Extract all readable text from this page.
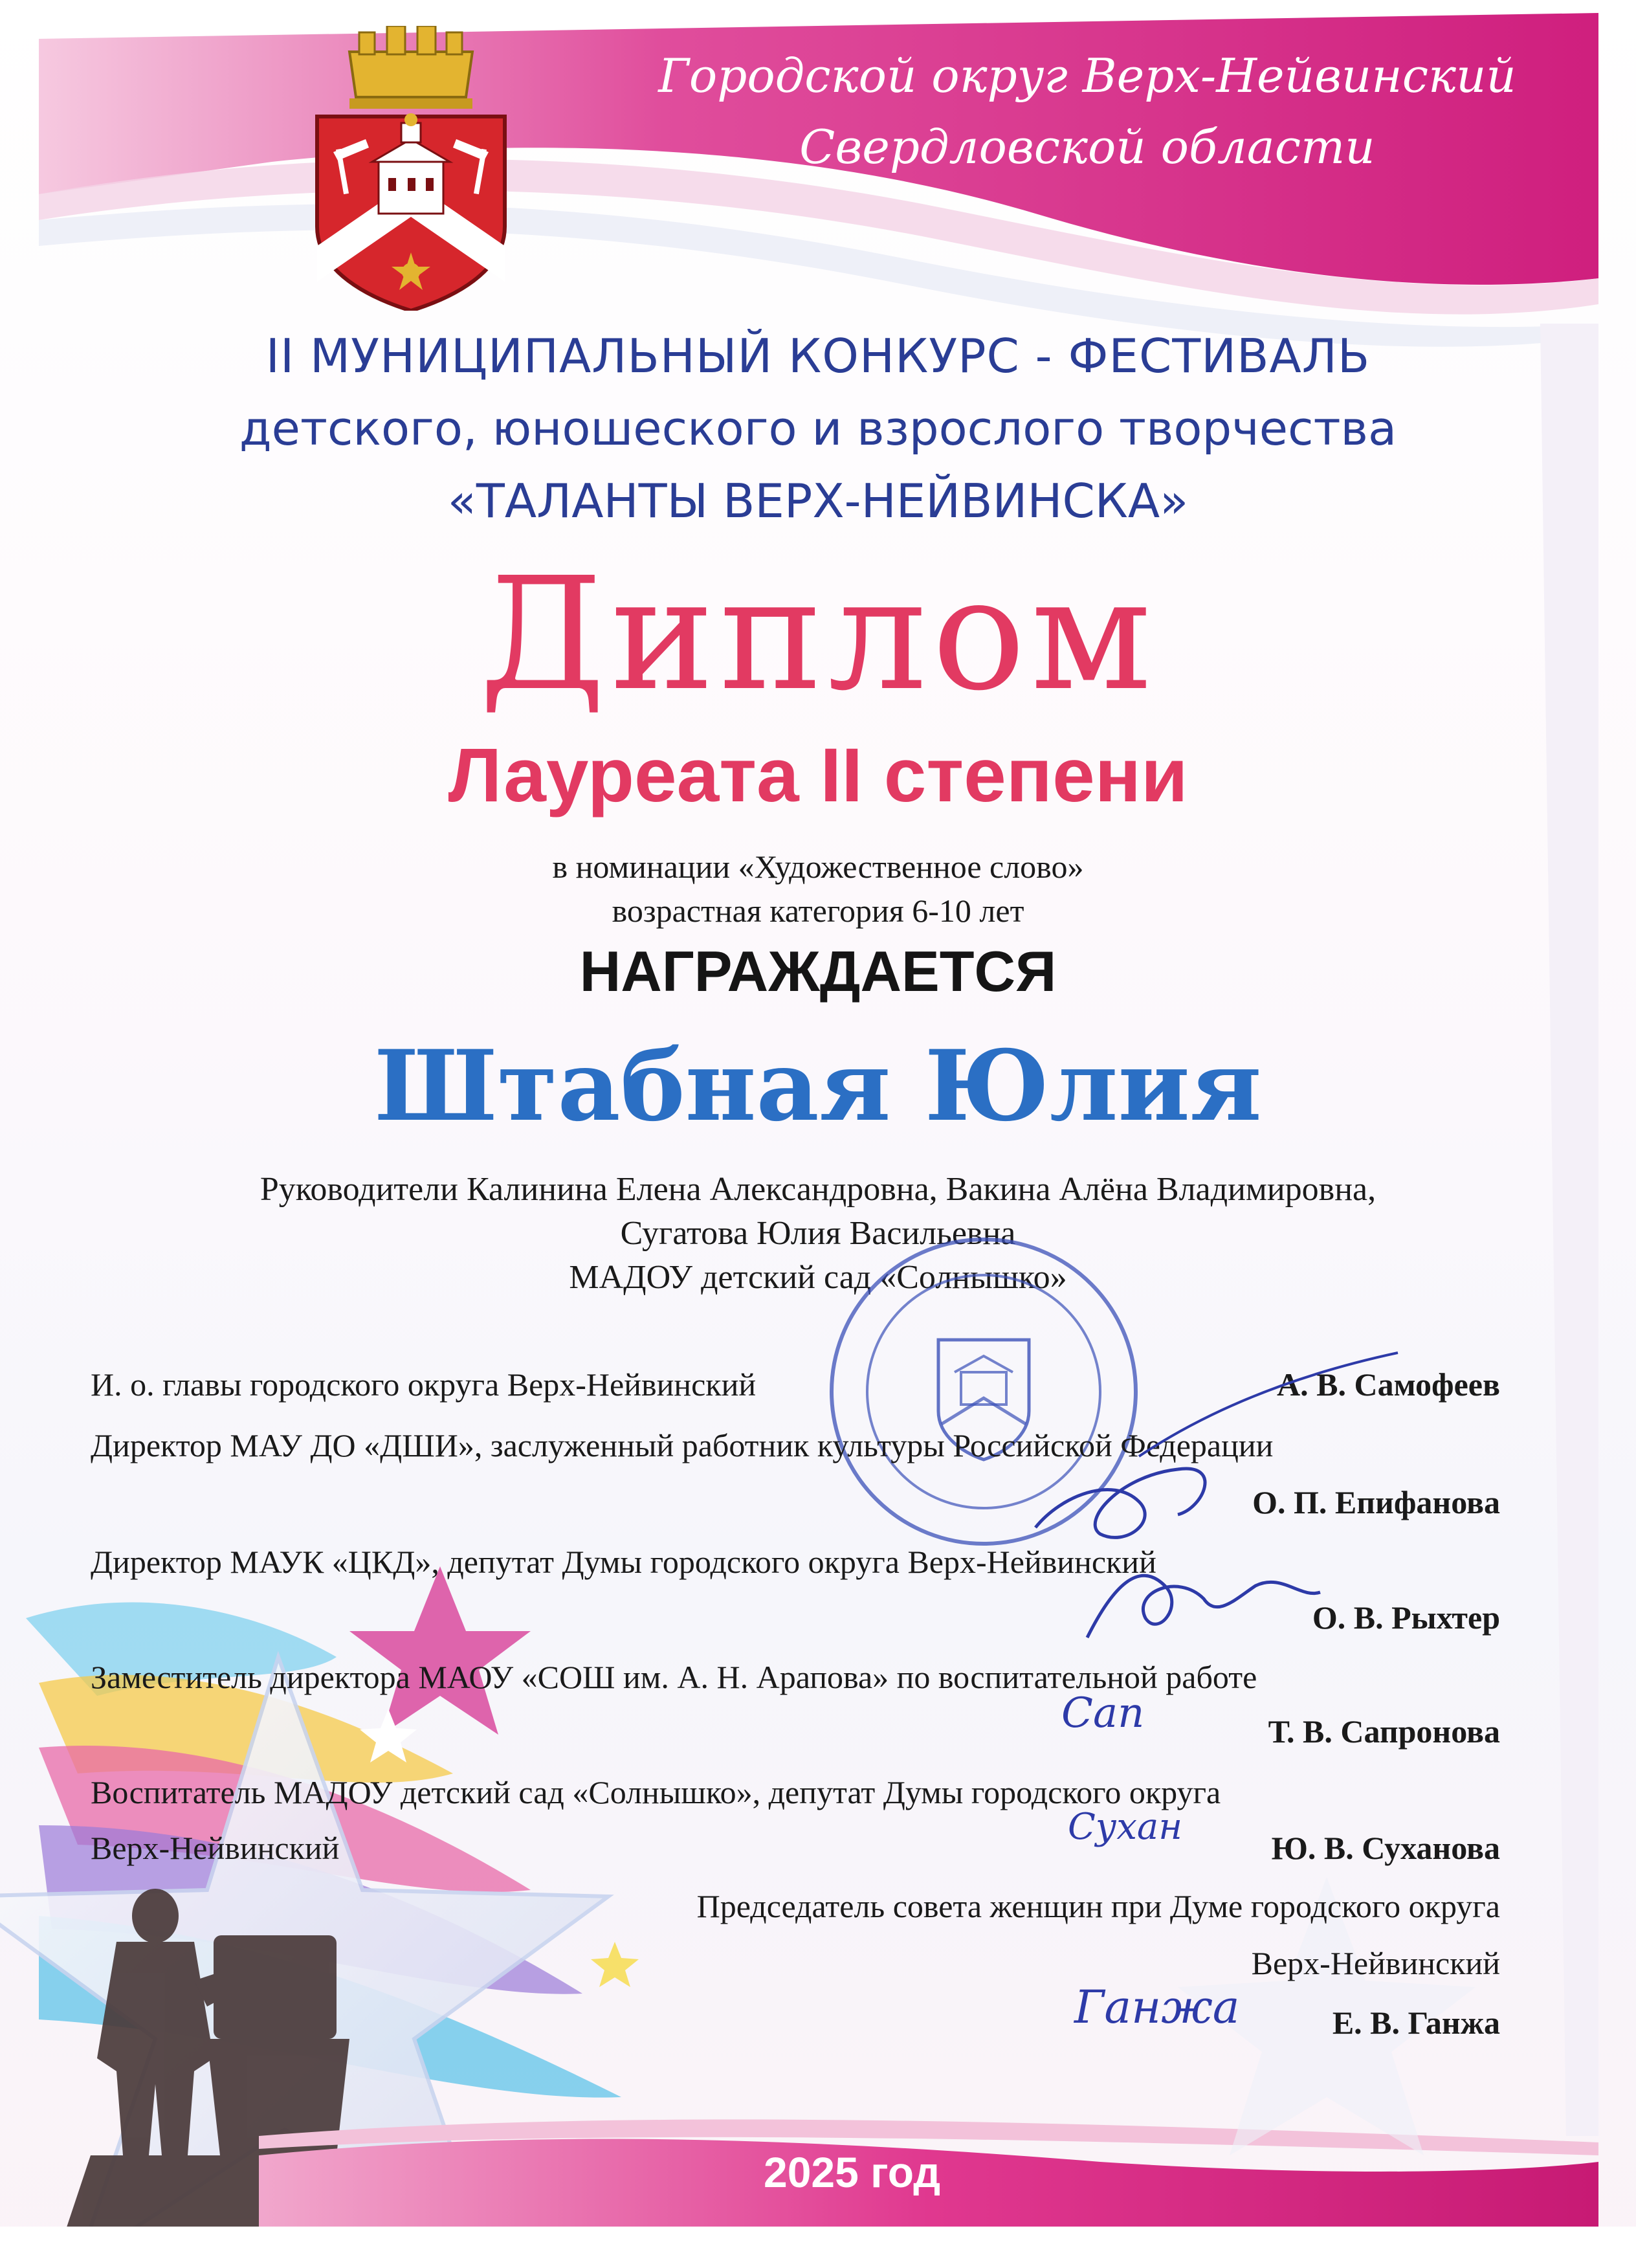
Городской округ Верх-Нейвинский
Свердловской области
II МУНИЦИПАЛЬНЫЙ КОНКУРС - ФЕСТИВАЛЬ
детского, юношеского и взрослого творчества
«ТАЛАНТЫ ВЕРХ-НЕЙВИНСКА»
Диплом
Лауреата II степени
в номинации «Художественное слово»
возрастная категория 6-10 лет
НАГРАЖДАЕТСЯ
Штабная Юлия
Руководители Калинина Елена Александровна, Вакина Алёна Владимировна,
Сугатова Юлия Васильевна
МАДОУ детский сад «Солнышко»
И. о. главы городского округа Верх-Нейвинский	А. В. Самофеев
Директор МАУ ДО «ДШИ», заслуженный работник культуры Российской Федерации
О. П. Епифанова
Директор МАУК «ЦКД», депутат Думы городского округа Верх-Нейвинский
О. В. Рыхтер
Заместитель директора МАОУ «СОШ им. А. Н. Арапова» по воспитательной работе
Т. В. Сапронова
Воспитатель МАДОУ детский сад «Солнышко», депутат Думы городского округа
Верх-Нейвинский	Ю. В. Суханова
Председатель совета женщин при Думе городского округа
Верх-Нейвинский
Е. В. Ганжа
Сап
Сухан
Ганжа
2025 год
